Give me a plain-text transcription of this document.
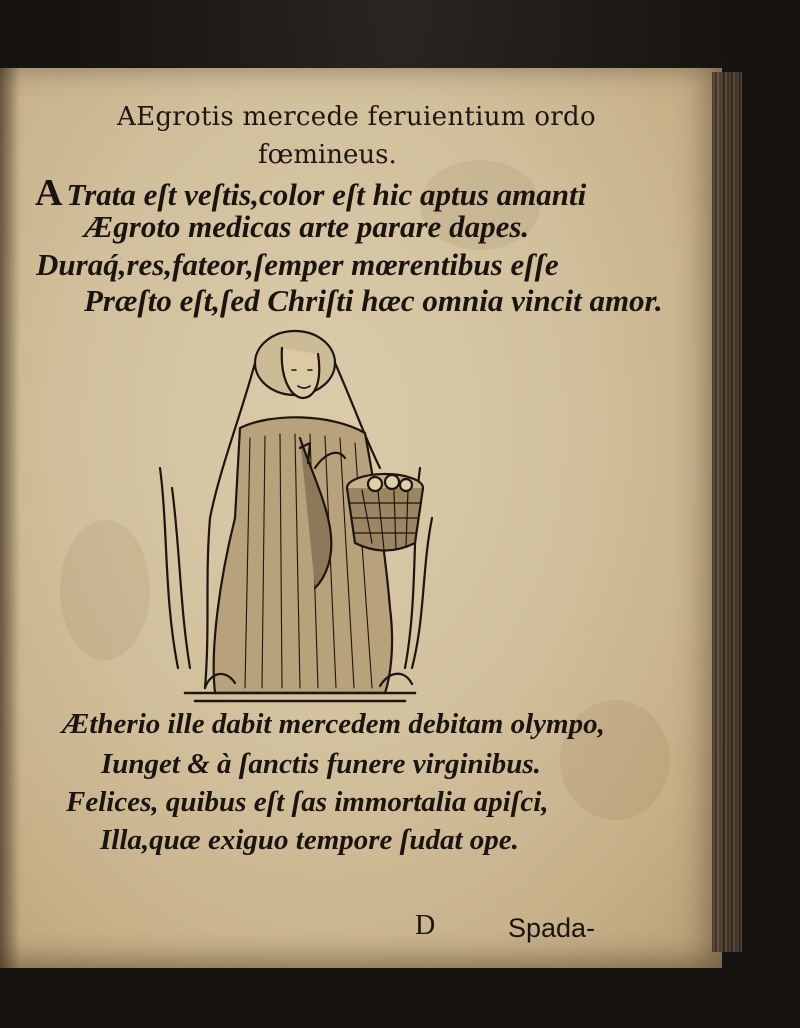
AEgrotis mercede feruientium ordo
fœmineus.
A Trata eſt veſtis,color eſt hic aptus amanti
Ægroto medicas arte parare dapes.
Duraq́,res,fateor,ſemper mœrentibus eſſe
Præſto eſt,ſed Chriſti hæc omnia vincit amor.
Ætherio ille dabit mercedem debitam olympo,
Iunget & à ſanctis funere virginibus.
Felices, quibus eſt ſas immortalia apiſci,
Illa,quæ exiguo tempore ſudat ope.
D	Spada-
